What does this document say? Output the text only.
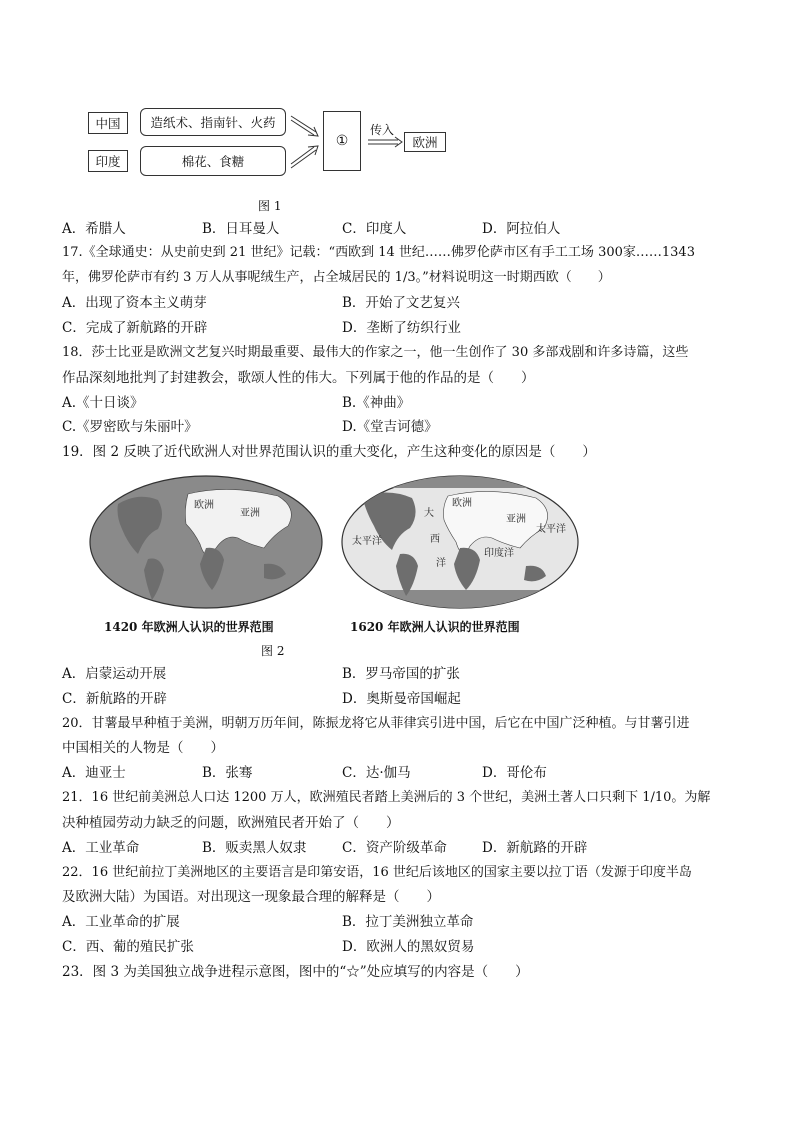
中国	造纸术、指南针、火药
印度	棉花、食糖
①
传入
欧洲
图 1
A．希腊人	B．日耳曼人	C．印度人	D．阿拉伯人
17.《全球通史：从史前史到 21 世纪》记载：“西欧到 14 世纪……佛罗伦萨市区有手工工场 300家……1343
年，佛罗伦萨市有约 3 万人从事呢绒生产，占全城居民的 1/3。”材料说明这一时期西欧（　　）
A．出现了资本主义萌芽	B．开始了文艺复兴
C．完成了新航路的开辟	D．垄断了纺织行业
18．莎士比亚是欧洲文艺复兴时期最重要、最伟大的作家之一，他一生创作了 30 多部戏剧和许多诗篇，这些
作品深刻地批判了封建教会，歌颂人性的伟大。下列属于他的作品的是（　　）
A.《十日谈》	B.《神曲》
C.《罗密欧与朱丽叶》	D.《堂吉诃德》
19．图 2 反映了近代欧洲人对世界范围认识的重大变化，产生这种变化的原因是（　　）
欧洲
亚洲
欧洲
大
西
洋
亚洲
太平洋
太平洋
印度洋
1420 年欧洲人认识的世界范围	1620 年欧洲人认识的世界范围
图 2
A．启蒙运动开展	B．罗马帝国的扩张
C．新航路的开辟	D．奥斯曼帝国崛起
20．甘薯最早种植于美洲，明朝万历年间，陈振龙将它从菲律宾引进中国，后它在中国广泛种植。与甘薯引进
中国相关的人物是（　　）
A．迪亚士	B．张骞	C．达·伽马	D．哥伦布
21．16 世纪前美洲总人口达 1200 万人，欧洲殖民者踏上美洲后的 3 个世纪，美洲土著人口只剩下 1/10。为解
决种植园劳动力缺乏的问题，欧洲殖民者开始了（　　）
A．工业革命	B．贩卖黑人奴隶	C．资产阶级革命	D．新航路的开辟
22．16 世纪前拉丁美洲地区的主要语言是印第安语，16 世纪后该地区的国家主要以拉丁语（发源于印度半岛
及欧洲大陆）为国语。对出现这一现象最合理的解释是（　　）
A．工业革命的扩展	B．拉丁美洲独立革命
C．西、葡的殖民扩张	D．欧洲人的黑奴贸易
23．图 3 为美国独立战争进程示意图，图中的“☆”处应填写的内容是（　　）
